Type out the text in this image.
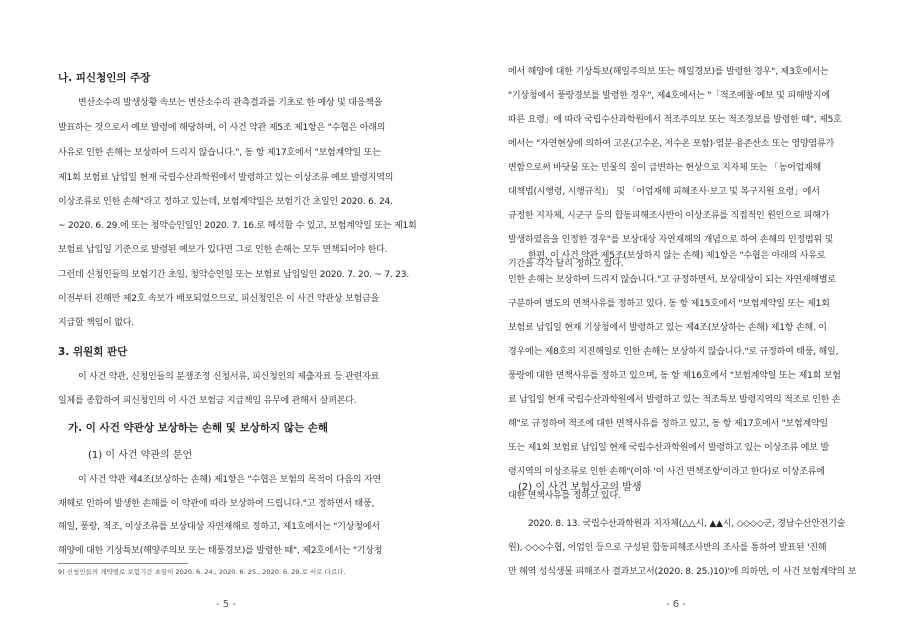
나. 피신청인의 주장
변산소수리 발생상황 속보는 변산소수리 관측결과를 기초로 한 예상 및 대응책을
발표하는 것으로서 예보 발령에 해당하며, 이 사건 약관 제5조 제1항은 "수협은 아래의
사유로 인한 손해는 보상하여 드리지 않습니다.", 동 항 제17호에서 "보험계약일 또는
제1회 보험료 납입일 현재 국립수산과학원에서 발령하고 있는 이상조류 예보 발령지역의
이상조류로 인한 손해"라고 정하고 있는데, 보험계약일은 보험기간 초일인 2020. 6. 24.
~ 2020. 6. 29.에 또는 청약승인일인 2020. 7. 16.로 해석할 수 있고, 보험계약일 또는 제1회
보험료 납입일 기준으로 발령된 예보가 있다면 그로 인한 손해는 모두 면책되어야 한다.
그런데 신청인들의 보험기간 초일, 청약승인일 또는 보험료 납입일인 2020. 7. 20. ~ 7. 23.
이전부터 진해만 제2호 속보가 배포되었으므로, 피신청인은 이 사건 약관상 보험금을
지급할 책임이 없다.
3. 위원회 판단
이 사건 약관, 신청인들의 분쟁조정 신청서류, 피신청인의 제출자료 등 관련자료
일체를 종합하여 피신청인의 이 사건 보험금 지급책임 유무에 관해서 살펴본다.
가. 이 사건 약관상 보상하는 손해 및 보상하지 않는 손해
(1) 이 사건 약관의 문언
이 사건 약관 제4조(보상하는 손해) 제1항은 "수협은 보험의 목적이 다음의 자연
재해로 인하여 발생한 손해를 이 약관에 따라 보상하여 드립니다."고 정하면서 태풍,
해일, 풍랑, 적조, 이상조류를 보상대상 자연재해로 정하고, 제1호에서는 "기상청에서
해양에 대한 기상특보(해양주의보 또는 태풍경보)를 발령한 때", 제2호에서는 "기상청
9) 신청인들의 계약별로 보험기간 초일이 2020. 6. 24., 2020. 6. 25., 2020. 6. 29.로 서로 다르다.
- 5 -
에서 해양에 대한 기상특보(해일주의보 또는 해일경보)를 발령한 경우", 제3호에서는
"기상청에서 풍랑경보를 발령한 경우", 제4호에서는 "「적조예찰·예보 및 피해방지에
따른 요령」에 따라 국립수산과학원에서 적조주의보 또는 적조경보를 발령한 때", 제5호
에서는 "자연현상에 의하여 고온(고수온, 저수온 포함)·염분·용존산소 또는 영양염류가
변함으로써 바닷물 또는 민물의 질이 급변하는 현상으로 지자체 또는 「농어업재해
대책법(시행령, 시행규칙)」 및 「어업재해 피해조사·보고 및 복구지원 요령」에서
규정한 지자체, 시군구 등의 합동피해조사반이 이상조류를 직접적인 원인으로 피해가
발생하였음을 인정한 경우"를 보상대상 자연재해의 개념으로 하여 손해의 인정범위 및
기간을 각각 달리 정하고 있다.
한편, 이 사건 약관 제5조(보상하지 않는 손해) 제1항은 "수협은 아래의 사유로
인한 손해는 보상하여 드리지 않습니다."고 규정하면서, 보상대상이 되는 자연재해별로
구분하여 별도의 면책사유를 정하고 있다. 동 항 제15호에서 "보험계약일 또는 제1회
보험료 납입일 현재 기상청에서 발령하고 있는 제4조(보상하는 손해) 제1항 손해. 이
경우에는 제8호의 지진해일로 인한 손해는 보상하지 않습니다."로 규정하여 태풍, 해일,
풍랑에 대한 면책사유를 정하고 있으며, 동 항 제16호에서 "보험계약일 또는 제1회 보험
료 납입일 현재 국립수산과학원에서 발령하고 있는 적조특보 발령지역의 적조로 인한 손
해"로 규정하여 적조에 대한 면책사유를 정하고 있고, 동 항 제17호에서 "보험계약일
또는 제1회 보험료 납입일 현재 국립수산과학원에서 발령하고 있는 이상조류 예보 발
령지역의 이상조류로 인한 손해"(이하 '이 사건 면책조항'이라고 한다)로 이상조류에
대한 면책사유를 정하고 있다.
(2) 이 사건 보험사고의 발생
2020. 8. 13. 국립수산과학원과 지자체(△△시, ▲▲시, ◇◇◇◇군, 경남수산안전기술
원), ◇◇◇수협, 어업인 등으로 구성된 합동피해조사반의 조사를 통하여 발표된 '진해
만 해역 성식생물 피해조사 결과보고서(2020. 8. 25.)10)'에 의하면, 이 사건 보험계약의 보
- 6 -
